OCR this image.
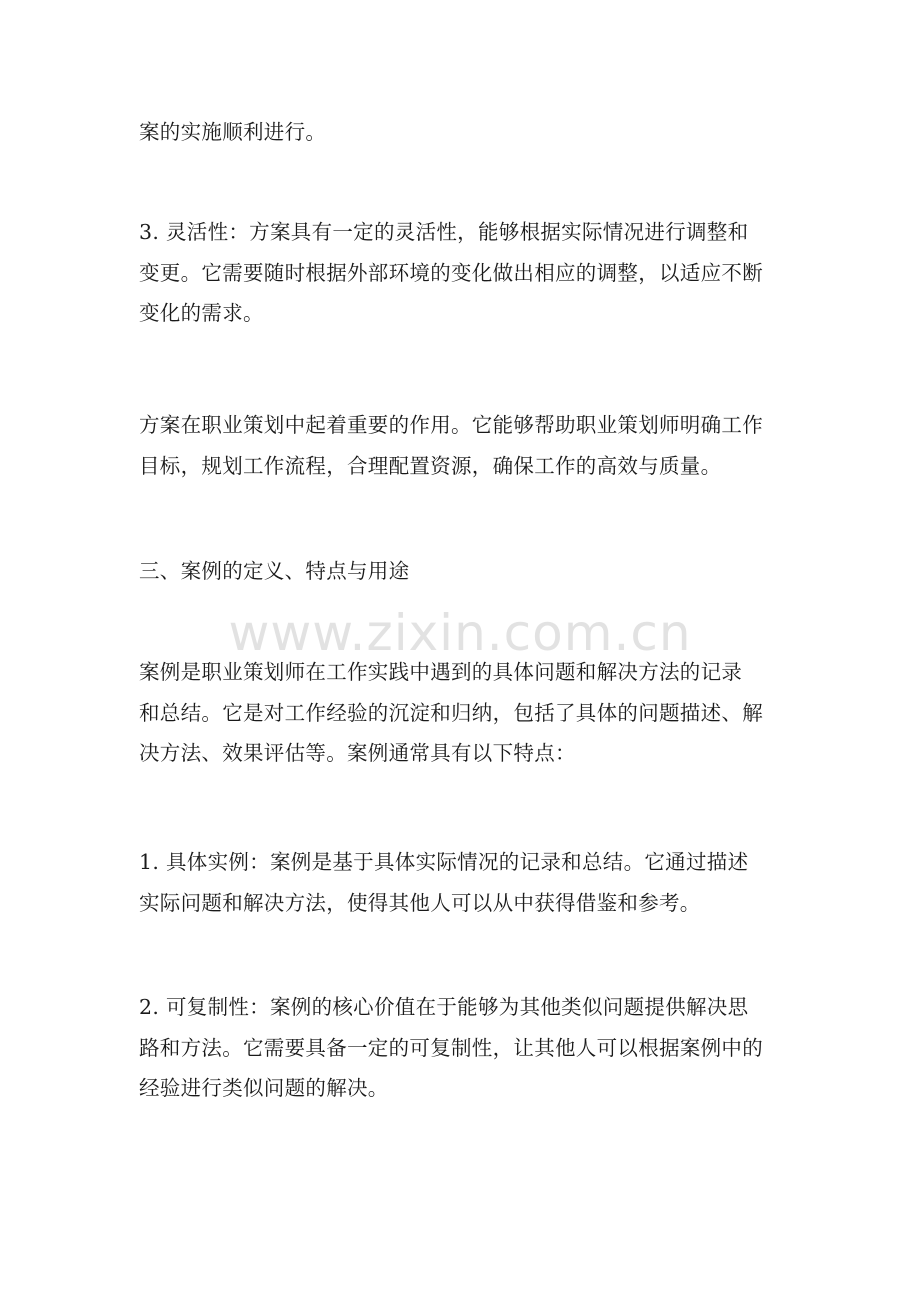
案的实施顺利进行。

3. 灵活性：方案具有一定的灵活性，能够根据实际情况进行调整和
变更。它需要随时根据外部环境的变化做出相应的调整，以适应不断
变化的需求。

方案在职业策划中起着重要的作用。它能够帮助职业策划师明确工作
目标，规划工作流程，合理配置资源，确保工作的高效与质量。

三、案例的定义、特点与用途

案例是职业策划师在工作实践中遇到的具体问题和解决方法的记录
和总结。它是对工作经验的沉淀和归纳，包括了具体的问题描述、解
决方法、效果评估等。案例通常具有以下特点：

1. 具体实例：案例是基于具体实际情况的记录和总结。它通过描述
实际问题和解决方法，使得其他人可以从中获得借鉴和参考。

2. 可复制性：案例的核心价值在于能够为其他类似问题提供解决思
路和方法。它需要具备一定的可复制性，让其他人可以根据案例中的
经验进行类似问题的解决。

www.zixin.com.cn
